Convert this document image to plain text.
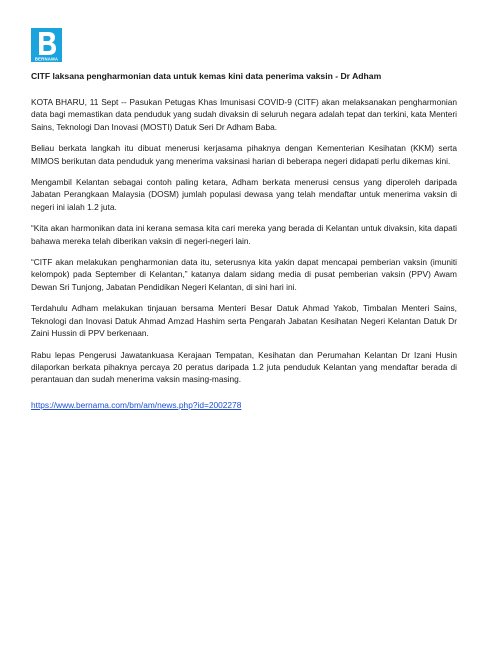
BERNAMA
CITF laksana pengharmonian data untuk kemas kini data penerima vaksin - Dr Adham

KOTA BHARU, 11 Sept -- Pasukan Petugas Khas Imunisasi COVID-9 (CITF) akan melaksanakan pengharmonian data bagi memastikan data penduduk yang sudah divaksin di seluruh negara adalah tepat dan terkini, kata Menteri Sains, Teknologi Dan Inovasi (MOSTI) Datuk Seri Dr Adham Baba.

Beliau berkata langkah itu dibuat menerusi kerjasama pihaknya dengan Kementerian Kesihatan (KKM) serta MIMOS berikutan data penduduk yang menerima vaksinasi harian di beberapa negeri didapati perlu dikemas kini.

Mengambil Kelantan sebagai contoh paling ketara, Adham berkata menerusi census yang diperoleh daripada Jabatan Perangkaan Malaysia (DOSM) jumlah populasi dewasa yang telah mendaftar untuk menerima vaksin di negeri ini ialah 1.2 juta.

“Kita akan harmonikan data ini kerana semasa kita cari mereka yang berada di Kelantan untuk divaksin, kita dapati bahawa mereka telah diberikan vaksin di negeri-negeri lain.

“CITF akan melakukan pengharmonian data itu, seterusnya kita yakin dapat mencapai pemberian vaksin (imuniti kelompok) pada September di Kelantan,” katanya dalam sidang media di pusat pemberian vaksin (PPV) Awam Dewan Sri Tunjong, Jabatan Pendidikan Negeri Kelantan, di sini hari ini.

Terdahulu Adham melakukan tinjauan bersama Menteri Besar Datuk Ahmad Yakob, Timbalan Menteri Sains, Teknologi dan Inovasi Datuk Ahmad Amzad Hashim serta Pengarah Jabatan Kesihatan Negeri Kelantan Datuk Dr Zaini Hussin di PPV berkenaan.

Rabu lepas Pengerusi Jawatankuasa Kerajaan Tempatan, Kesihatan dan Perumahan Kelantan Dr Izani Husin dilaporkan berkata pihaknya percaya 20 peratus daripada 1.2 juta penduduk Kelantan yang mendaftar berada di perantauan dan sudah menerima vaksin masing-masing.

https://www.bernama.com/bm/am/news.php?id=2002278
